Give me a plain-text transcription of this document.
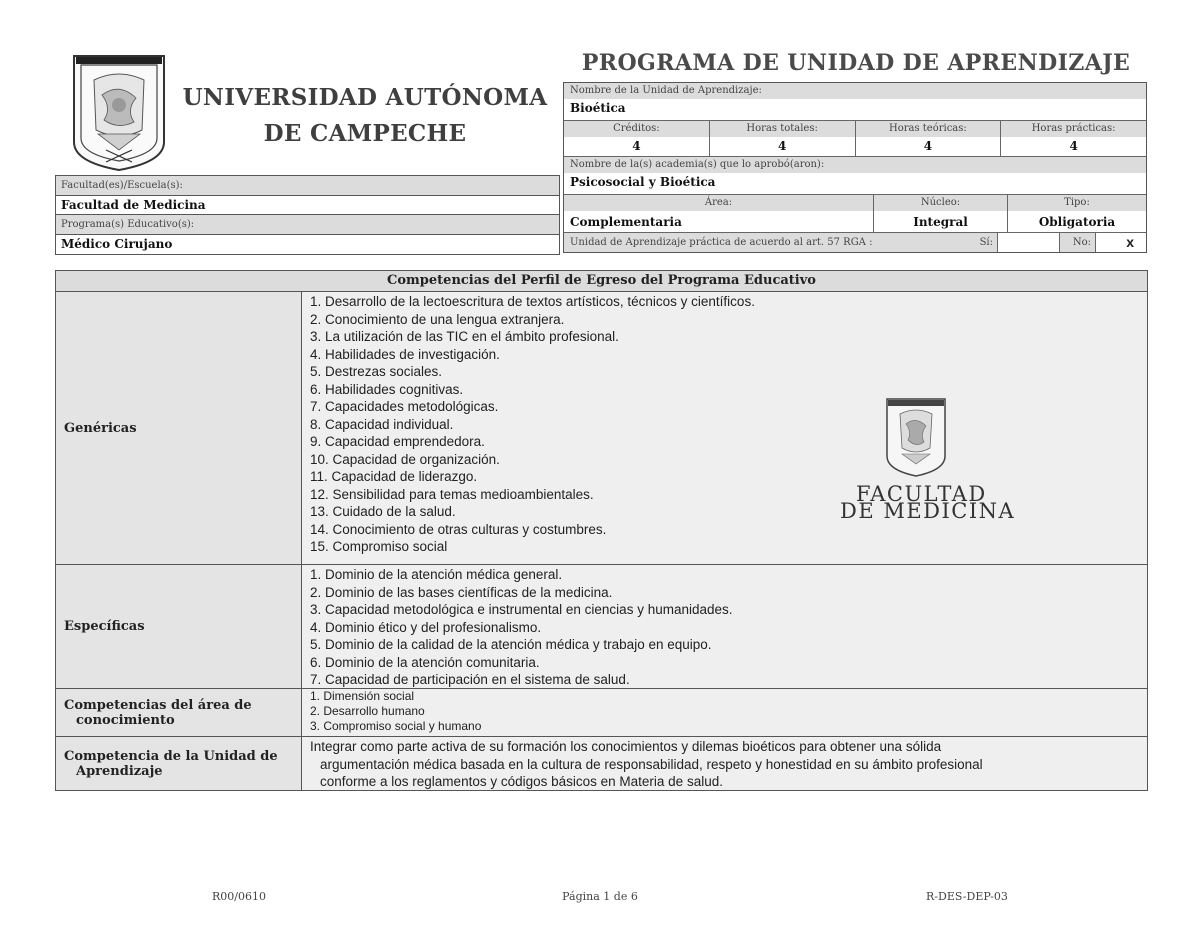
UNIVERSIDAD AUTÓNOMA
DE CAMPECHE
PROGRAMA DE UNIDAD DE APRENDIZAJE
Facultad(es)/Escuela(s):
Facultad de Medicina
Programa(s) Educativo(s):
Médico Cirujano
Nombre de la Unidad de Aprendizaje:
Bioética
Créditos:	Horas totales:	Horas teóricas:	Horas prácticas:
4	4	4	4
Nombre de la(s) academia(s) que lo aprobó(aron):
Psicosocial y Bioética
Área:
Complementaria
Núcleo:
Integral
Tipo:
Obligatoria
Unidad de Aprendizaje práctica de acuerdo al art. 57 RGA :	Sí:	No:	x
Competencias del Perfil de Egreso del Programa Educativo
Genéricas
1. Desarrollo de la lectoescritura de textos artísticos, técnicos y científicos.
2. Conocimiento de una lengua extranjera.
3. La utilización de las TIC en el ámbito profesional.
4. Habilidades de investigación.
5. Destrezas sociales.
6. Habilidades cognitivas.
7. Capacidades metodológicas.
8. Capacidad individual.
9. Capacidad emprendedora.
10. Capacidad de organización.
11. Capacidad de liderazgo.
12. Sensibilidad para temas medioambientales.
13. Cuidado de la salud.
14. Conocimiento de otras culturas y costumbres.
15. Compromiso social
Específicas
1. Dominio de la atención médica general.
2. Dominio de las bases científicas de la medicina.
3. Capacidad metodológica e instrumental en ciencias y humanidades.
4. Dominio ético y del profesionalismo.
5. Dominio de la calidad de la atención médica y trabajo en equipo.
6. Dominio de la atención comunitaria.
7. Capacidad de participación en el sistema de salud.
Competencias del área de
conocimiento
1. Dimensión social
2. Desarrollo humano
3. Compromiso social y humano
Competencia de la Unidad de
Aprendizaje
Integrar como parte activa de su formación los conocimientos y dilemas bioéticos para obtener una sólida
argumentación médica basada en la cultura de responsabilidad, respeto y honestidad en su ámbito profesional
conforme a los reglamentos y códigos básicos en Materia de salud.
FACULTAD
DE MEDICINA
R00/0610	Página 1 de 6	R-DES-DEP-03
